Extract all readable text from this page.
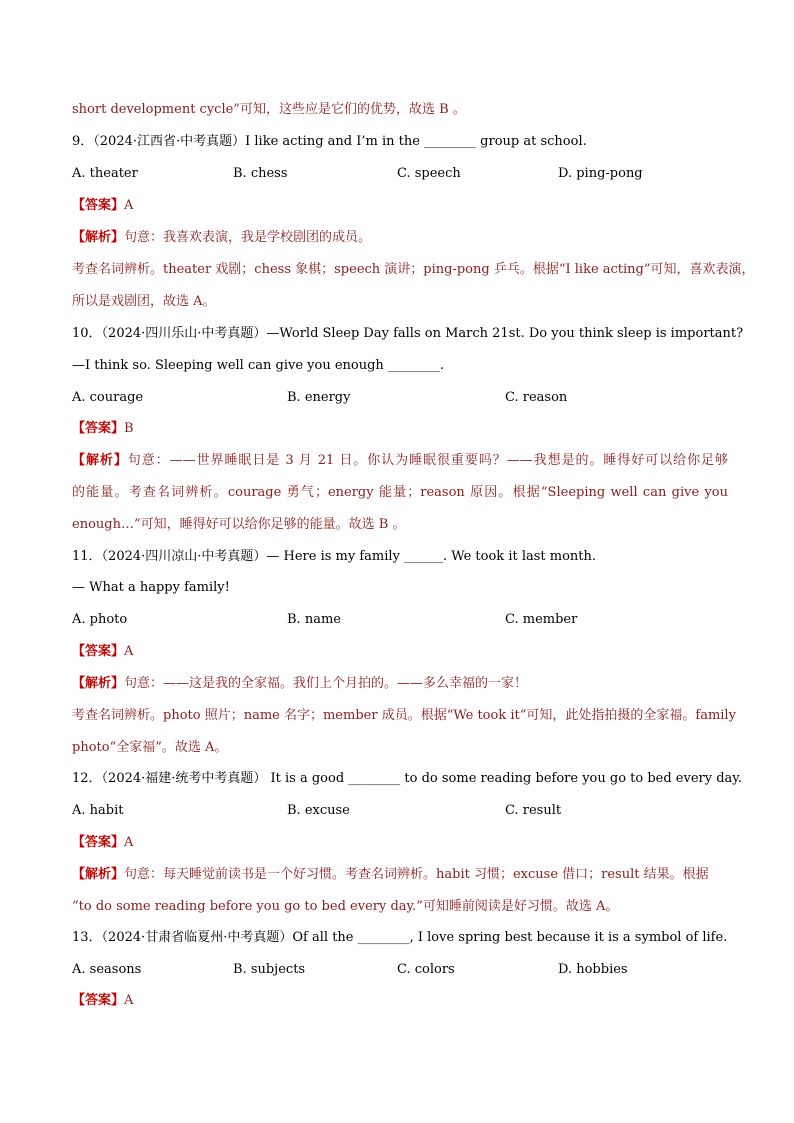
short development cycle”可知，这些应是它们的优势，故选 B 。
9．（2024·江西省·中考真题）I like acting and I’m in the ________ group at school.
A. theater	B. chess	C. speech	D. ping-pong
【答案】A
【解析】句意：我喜欢表演，我是学校剧团的成员。
考查名词辨析。theater 戏剧；chess 象棋；speech 演讲；ping-pong 乒乓。根据“I like acting”可知，喜欢表演，
所以是戏剧团，故选 A。
10．（2024·四川乐山·中考真题）—World Sleep Day falls on March 21st. Do you think sleep is important?
—I think so. Sleeping well can give you enough ________.
A. courage	B. energy	C. reason
【答案】B
【解析】句意：——世界睡眠日是 3 月 21 日。你认为睡眠很重要吗？——我想是的。睡得好可以给你足够
的能量。考查名词辨析。courage 勇气；energy 能量；reason 原因。根据“Sleeping well can give you
enough…”可知，睡得好可以给你足够的能量。故选 B 。
11．（2024·四川凉山·中考真题）— Here is my family ______. We took it last month.
— What a happy family!
A. photo	B. name	C. member
【答案】A
【解析】句意：——这是我的全家福。我们上个月拍的。——多么幸福的一家！
考查名词辨析。photo 照片；name 名字；member 成员。根据“We took it”可知，此处指拍摄的全家福。family
photo“全家福”。故选 A。
12．（2024·福建·统考中考真题） It is a good ________ to do some reading before you go to bed every day.
A. habit	B. excuse	C. result
【答案】A
【解析】句意：每天睡觉前读书是一个好习惯。考查名词辨析。habit 习惯；excuse 借口；result 结果。根据
“to do some reading before you go to bed every day.”可知睡前阅读是好习惯。故选 A。
13．（2024·甘肃省临夏州·中考真题）Of all the ________, I love spring best because it is a symbol of life.
A. seasons	B. subjects	C. colors	D. hobbies
【答案】A
